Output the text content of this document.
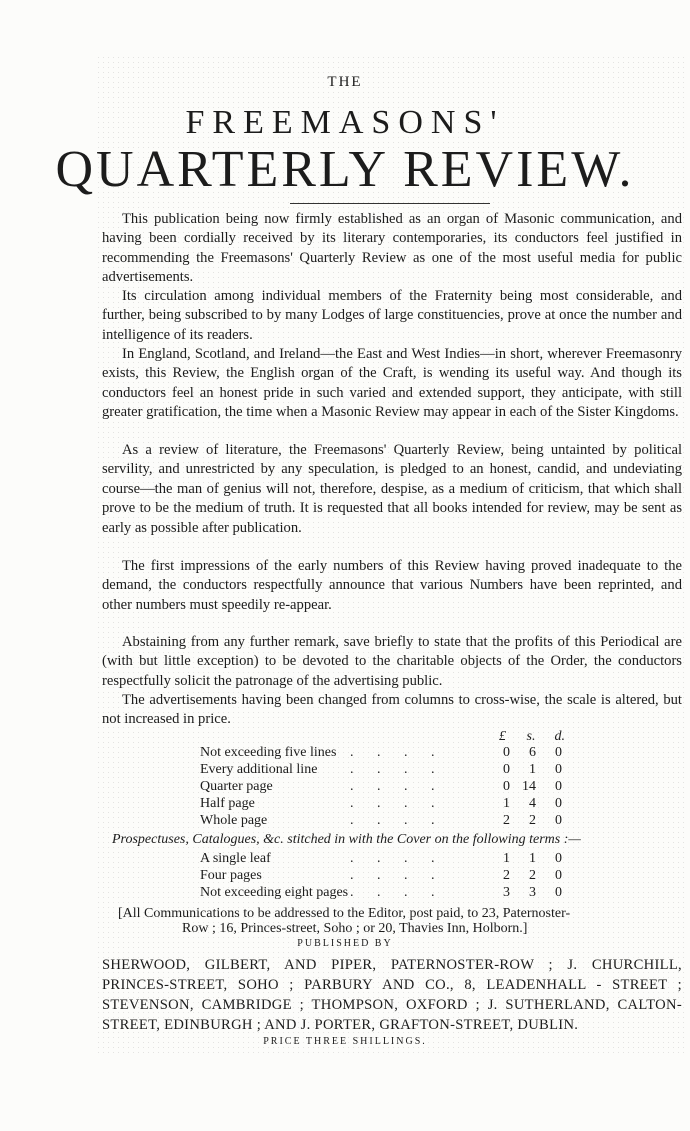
THE
FREEMASONS'
QUARTERLY REVIEW.

This publication being now firmly established as an organ of Masonic communication, and having been cordially received by its literary contemporaries, its conductors feel justified in recommending the Freemasons' Quarterly Review as one of the most useful media for public advertisements.

Its circulation among individual members of the Fraternity being most considerable, and further, being subscribed to by many Lodges of large constituencies, prove at once the number and intelligence of its readers.

In England, Scotland, and Ireland—the East and West Indies—in short, wherever Freemasonry exists, this Review, the English organ of the Craft, is wending its useful way. And though its conductors feel an honest pride in such varied and extended support, they anticipate, with still greater gratification, the time when a Masonic Review may appear in each of the Sister Kingdoms.

As a review of literature, the Freemasons' Quarterly Review, being untainted by political servility, and unrestricted by any speculation, is pledged to an honest, candid, and undeviating course—the man of genius will not, therefore, despise, as a medium of criticism, that which shall prove to be the medium of truth. It is requested that all books intended for review, may be sent as early as possible after publication.

The first impressions of the early numbers of this Review having proved inadequate to the demand, the conductors respectfully announce that various Numbers have been reprinted, and other numbers must speedily re-appear.

Abstaining from any further remark, save briefly to state that the profits of this Periodical are (with but little exception) to be devoted to the charitable objects of the Order, the conductors respectfully solicit the patronage of the advertising public.

The advertisements having been changed from columns to cross-wise, the scale is altered, but not increased in price.

£ s. d.
Not exceeding five lines . . . .	0	6	0
Every additional line . . . .	0	1	0
Quarter page	. . . .	0 14	0
Half page	. . . .	1	4	0
Whole page	. . . .	2	2	0
Prospectuses, Catalogues, &c. stitched in with the Cover on the following terms :—
A single leaf	. . . .	1	1	0
Four pages	. . . .	2	2	0
Not exceeding eight pages . . . .	3	3	0
[All Communications to be addressed to the Editor, post paid, to 23, Paternoster-
Row ; 16, Princes-street, Soho ; or 20, Thavies Inn, Holborn.]
PUBLISHED BY
SHERWOOD, GILBERT, AND PIPER, PATERNOSTER-ROW ; J. CHURCHILL,
PRINCES-STREET, SOHO ; PARBURY AND CO., 8, LEADENHALL - STREET ;
STEVENSON, CAMBRIDGE ; THOMPSON, OXFORD ; J. SUTHERLAND, CALTON-
STREET, EDINBURGH ; AND J. PORTER, GRAFTON-STREET, DUBLIN.
PRICE THREE SHILLINGS.
